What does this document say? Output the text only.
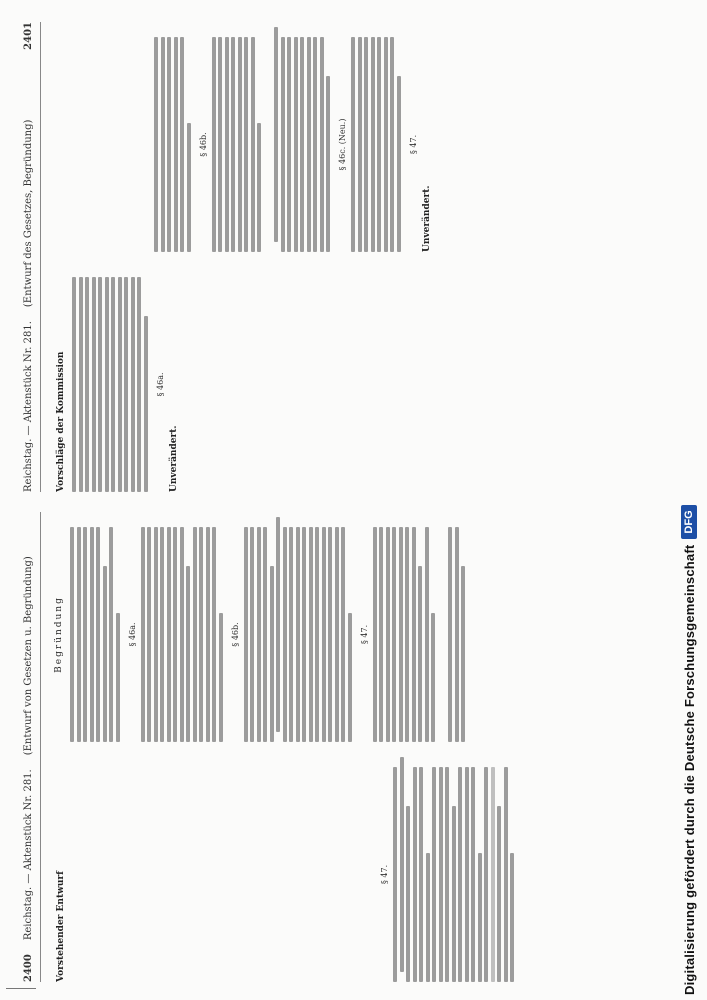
Digitalisierung gefördert durch die Deutsche Forschungsgemeinschaft
DFG
2400
Reichstag. — Aktenstück Nr. 281.
(Entwurf von Gesetzen u. Begründung)
Vorstehender Entwurf	§ 47.
Begründung	§ 46a.	§ 46b.	§ 47.
Reichstag. — Aktenstück Nr. 281.
(Entwurf des Gesetzes, Begründung)
2401
Vorschläge der Kommission	§ 46a.
Unverändert.
§ 46b.	§ 46c. (Neu.)	§ 47.
Unverändert.
